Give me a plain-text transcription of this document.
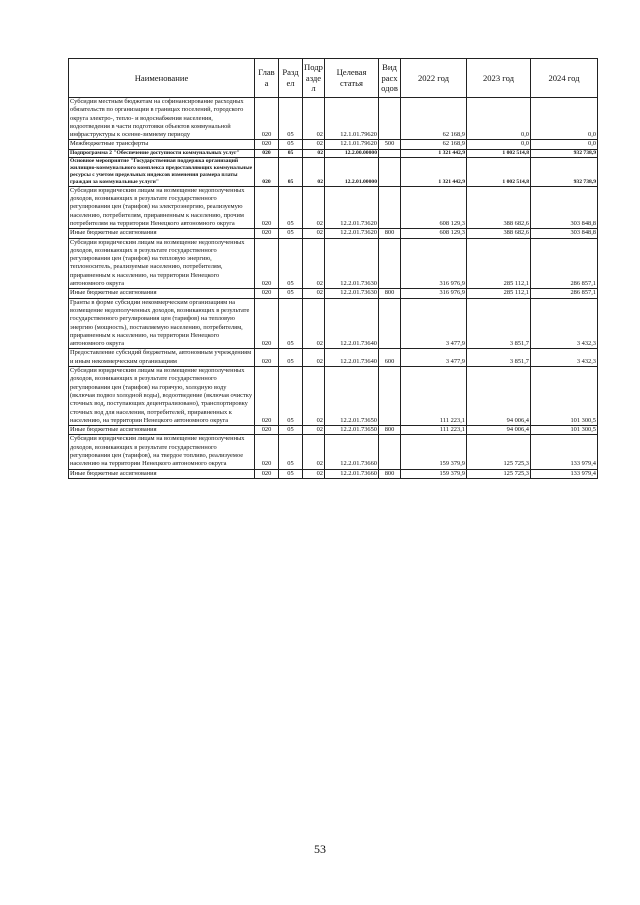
Наименование	Глав а	Разд ел	Подр азде л	Целевая статья	Вид расх одов	2022 год	2023 год	2024 год
Субсидии местным бюджетам на софинансирование расходных обязательств по организации в границах поселений, городского округа электро-, тепло- и водоснабжения населения, водоотведения в части подготовки объектов коммунальной инфраструктуры к осенне-зимнему периоду	020	05	02	12.1.01.79620		62 168,9	0,0	0,0
Межбюджетные трансферты	020	05	02	12.1.01.79620	500	62 168,9	0,0	0,0
Подпрограмма 2 "Обеспечение доступности коммунальных услуг"	020	05	02	12.2.00.00000		1 321 442,9	1 002 514,8	932 738,9
Основное мероприятие "Государственная поддержка организаций жилищно-коммунального комплекса предоставляющих коммунальные ресурсы с учетом предельных индексов изменения размера платы граждан за коммунальные услуги"	020	05	02	12.2.01.00000		1 321 442,9	1 002 514,8	932 738,9
Субсидии юридическим лицам на возмещение недополученных доходов, возникающих в результате государственного регулирования цен (тарифов) на электроэнергию, реализуемую населению, потребителям, приравненным к населению, прочим потребителям на территории Ненецкого автономного округа	020	05	02	12.2.01.73620		608 129,3	388 682,6	303 848,8
Иные бюджетные ассигнования	020	05	02	12.2.01.73620	800	608 129,3	388 682,6	303 848,8
Субсидии юридическим лицам на возмещение недополученных доходов, возникающих в результате государственного регулирования цен (тарифов) на тепловую энергию, теплоноситель, реализуемые населению, потребителям, приравненным к населению, на территории Ненецкого автономного округа	020	05	02	12.2.01.73630		316 976,9	285 112,1	286 857,1
Иные бюджетные ассигнования	020	05	02	12.2.01.73630	800	316 976,9	285 112,1	286 857,1
Гранты в форме субсидии некоммерческим организациям на возмещение недополученных доходов, возникающих в результате государственного регулирования цен (тарифов) на тепловую энергию (мощность), поставляемую населению, потребителям, приравненным к населению, на территории Ненецкого автономного округа	020	05	02	12.2.01.73640		3 477,9	3 851,7	3 432,3
Предоставление субсидий бюджетным, автономным учреждениям и иным некоммерческим организациям	020	05	02	12.2.01.73640	600	3 477,9	3 851,7	3 432,3
Субсидии юридическим лицам на возмещение недополученных доходов, возникающих в результате государственного регулирования цен (тарифов) на горячую, холодную воду (включая подвоз холодной воды), водоотведение (включая очистку сточных вод, поступающих децентрализовано), транспортировку сточных вод для населения, потребителей, приравненных к населению, на территории Ненецкого автономного округа	020	05	02	12.2.01.73650		111 223,1	94 006,4	101 300,5
Иные бюджетные ассигнования	020	05	02	12.2.01.73650	800	111 223,1	94 006,4	101 300,5
Субсидии юридическим лицам на возмещение недополученных доходов, возникающих в результате государственного регулирования цен (тарифов), на твердое топливо, реализуемое населению на территории Ненецкого автономного округа	020	05	02	12.2.01.73660		159 379,9	125 725,3	133 979,4
Иные бюджетные ассигнования	020	05	02	12.2.01.73660	800	159 379,9	125 725,3	133 979,4
53
